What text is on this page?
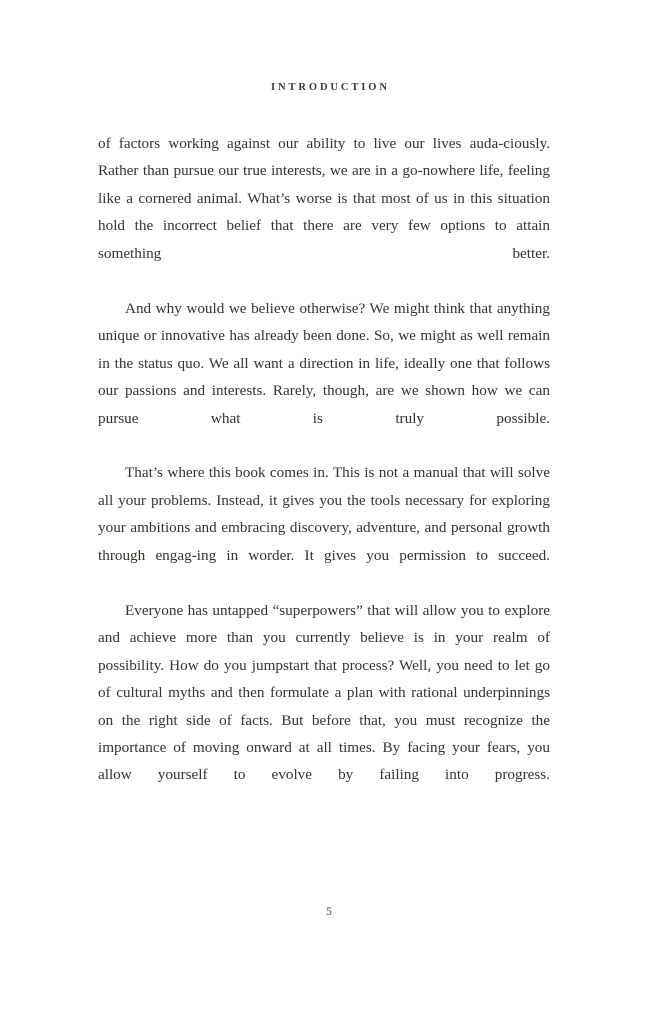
INTRODUCTION

of factors working against our ability to live our lives auda-ciously. Rather than pursue our true interests, we are in a go-nowhere life, feeling like a cornered animal. What’s worse is that most of us in this situation hold the incorrect belief that there are very few options to attain something better.

And why would we believe otherwise? We might think that anything unique or innovative has already been done. So, we might as well remain in the status quo. We all want a direction in life, ideally one that follows our passions and interests. Rarely, though, are we shown how we can pursue what is truly possible.

That’s where this book comes in. This is not a manual that will solve all your problems. Instead, it gives you the tools necessary for exploring your ambitions and embracing discovery, adventure, and personal growth through engag-ing in worder. It gives you permission to succeed.

Everyone has untapped “superpowers” that will allow you to explore and achieve more than you currently believe is in your realm of possibility. How do you jumpstart that process? Well, you need to let go of cultural myths and then formulate a plan with rational underpinnings on the right side of facts. But before that, you must recognize the importance of moving onward at all times. By facing your fears, you allow yourself to evolve by failing into progress.

5
